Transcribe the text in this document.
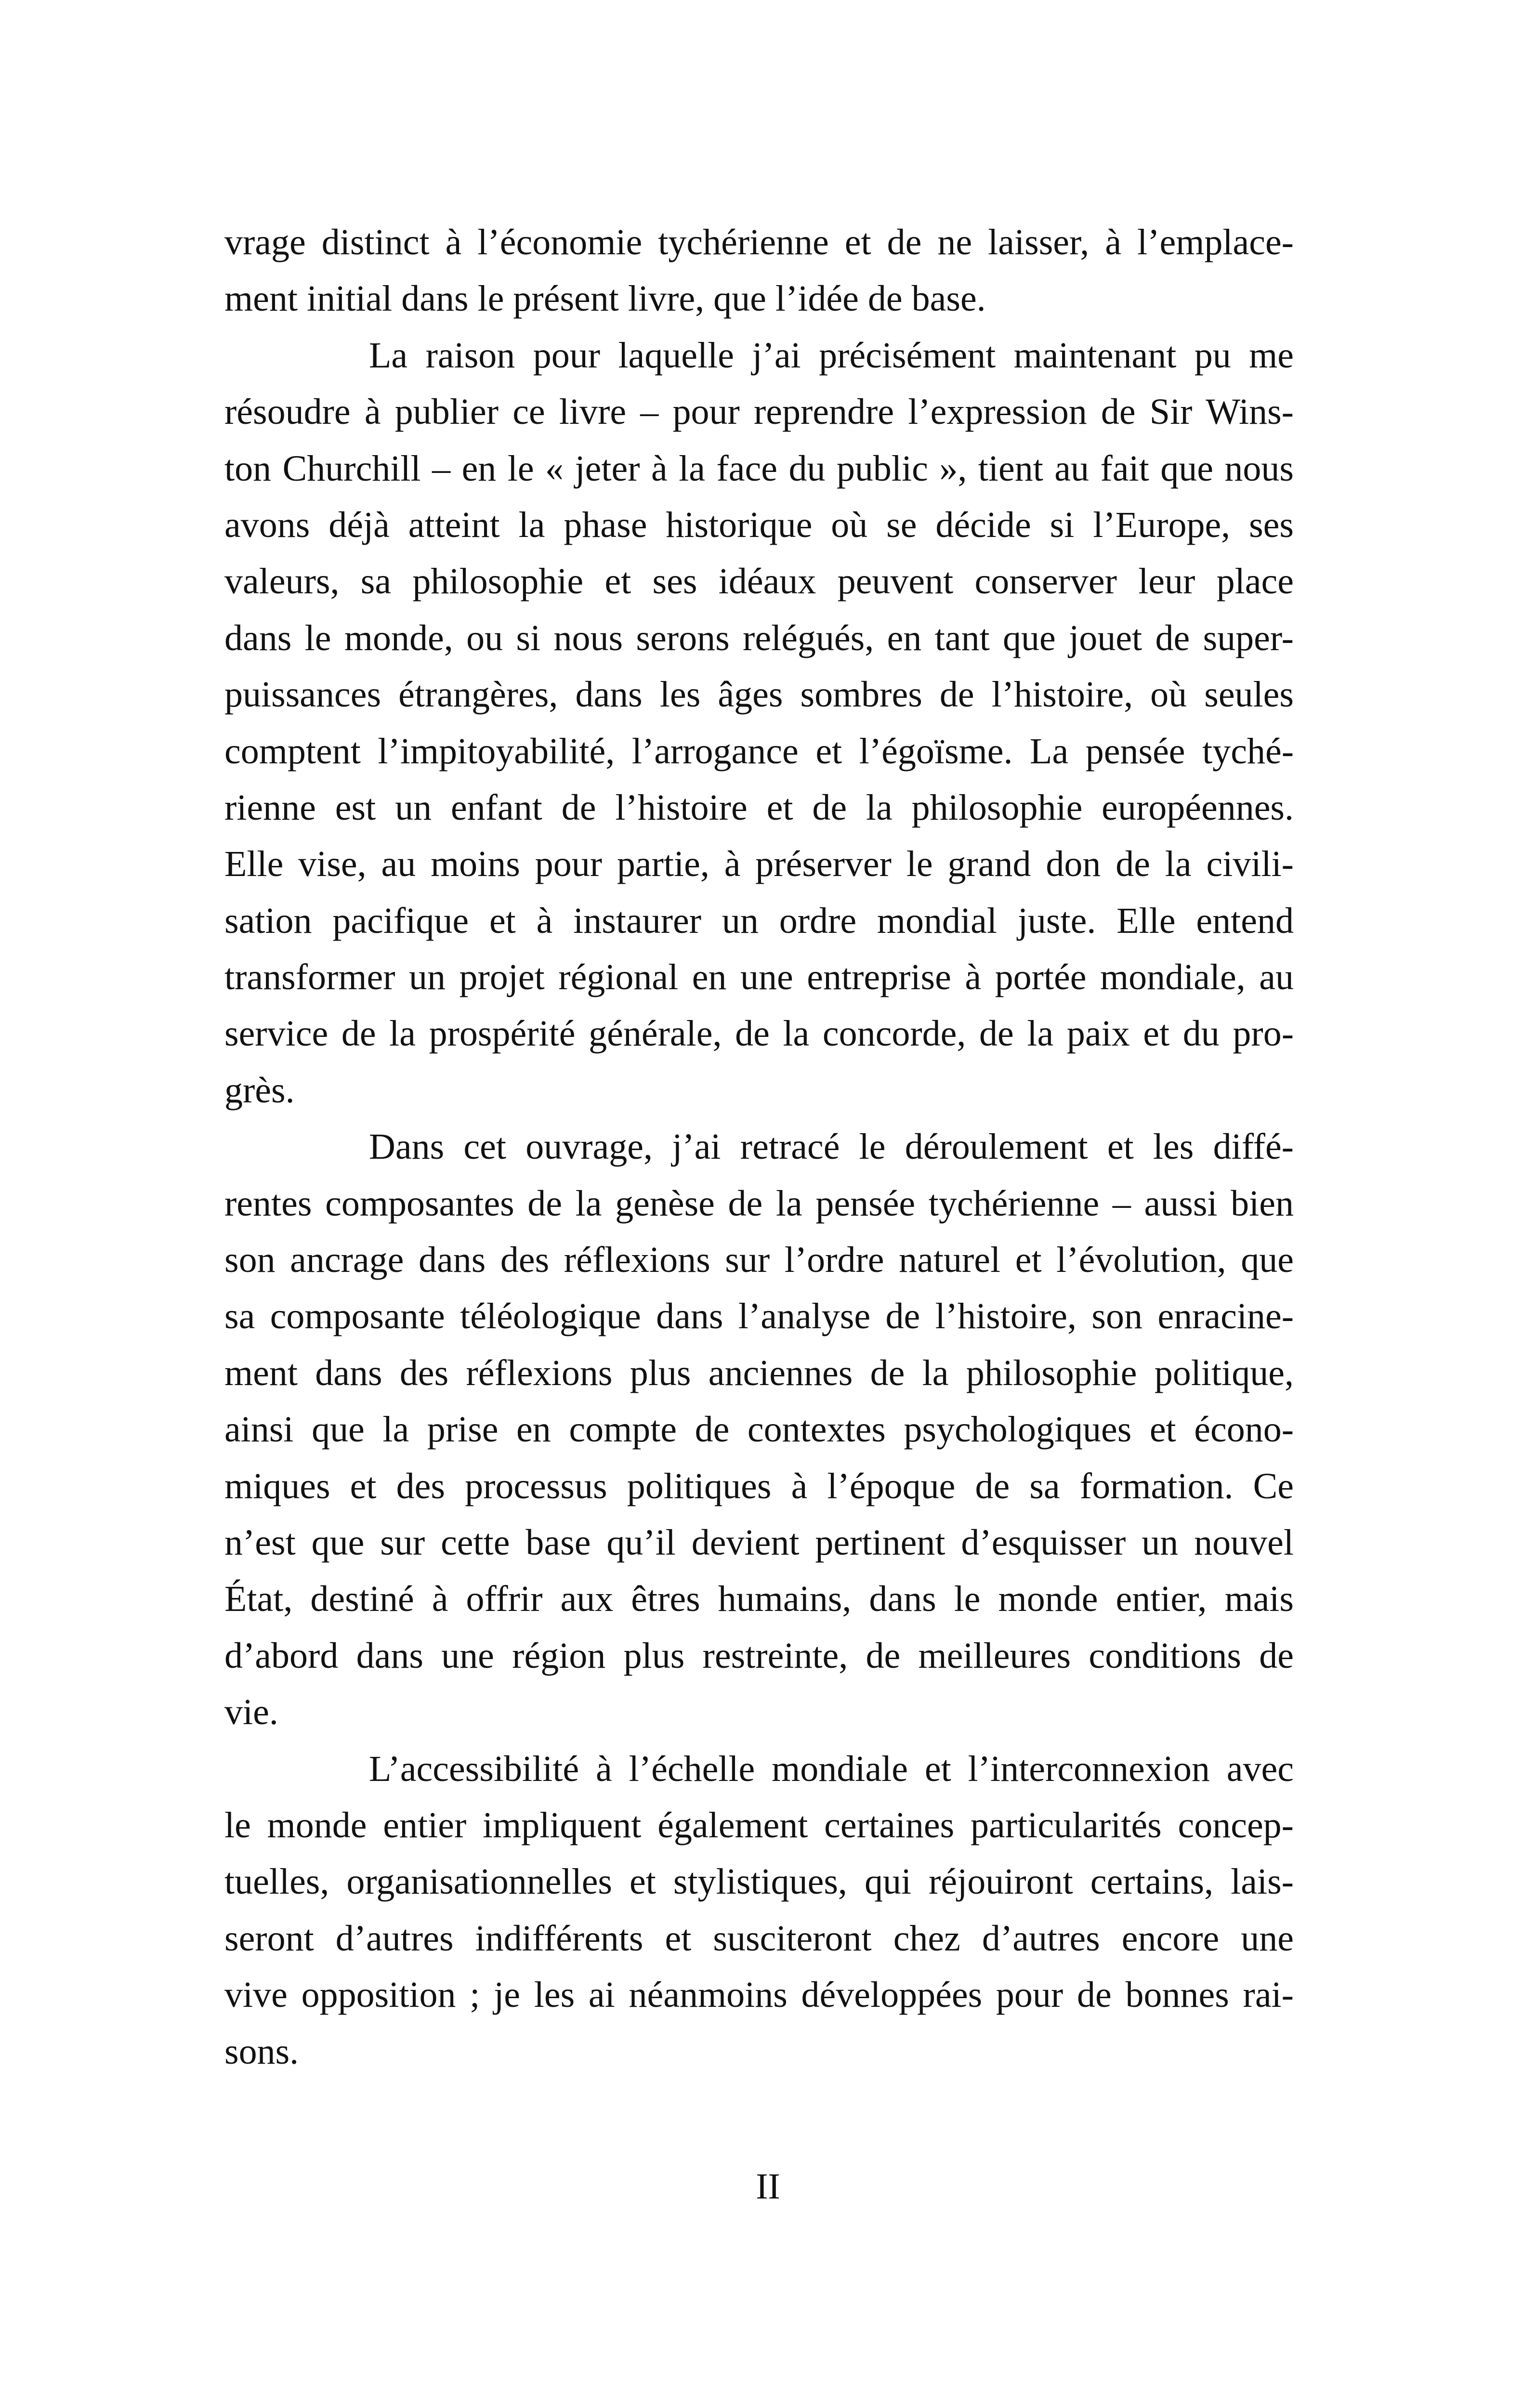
vrage distinct à l’économie tychérienne et de ne laisser, à l’emplace-
ment initial dans le présent livre, que l’idée de base.
La raison pour laquelle j’ai précisément maintenant pu me
résoudre à publier ce livre – pour reprendre l’expression de Sir Wins-
ton Churchill – en le « jeter à la face du public », tient au fait que nous
avons déjà atteint la phase historique où se décide si l’Europe, ses
valeurs, sa philosophie et ses idéaux peuvent conserver leur place
dans le monde, ou si nous serons relégués, en tant que jouet de super-
puissances étrangères, dans les âges sombres de l’histoire, où seules
comptent l’impitoyabilité, l’arrogance et l’égoïsme. La pensée tyché-
rienne est un enfant de l’histoire et de la philosophie européennes.
Elle vise, au moins pour partie, à préserver le grand don de la civili-
sation pacifique et à instaurer un ordre mondial juste. Elle entend
transformer un projet régional en une entreprise à portée mondiale, au
service de la prospérité générale, de la concorde, de la paix et du pro-
grès.
Dans cet ouvrage, j’ai retracé le déroulement et les diffé-
rentes composantes de la genèse de la pensée tychérienne – aussi bien
son ancrage dans des réflexions sur l’ordre naturel et l’évolution, que
sa composante téléologique dans l’analyse de l’histoire, son enracine-
ment dans des réflexions plus anciennes de la philosophie politique,
ainsi que la prise en compte de contextes psychologiques et écono-
miques et des processus politiques à l’époque de sa formation. Ce
n’est que sur cette base qu’il devient pertinent d’esquisser un nouvel
État, destiné à offrir aux êtres humains, dans le monde entier, mais
d’abord dans une région plus restreinte, de meilleures conditions de
vie.
L’accessibilité à l’échelle mondiale et l’interconnexion avec
le monde entier impliquent également certaines particularités concep-
tuelles, organisationnelles et stylistiques, qui réjouiront certains, lais-
seront d’autres indifférents et susciteront chez d’autres encore une
vive opposition ; je les ai néanmoins développées pour de bonnes rai-
sons.
II
